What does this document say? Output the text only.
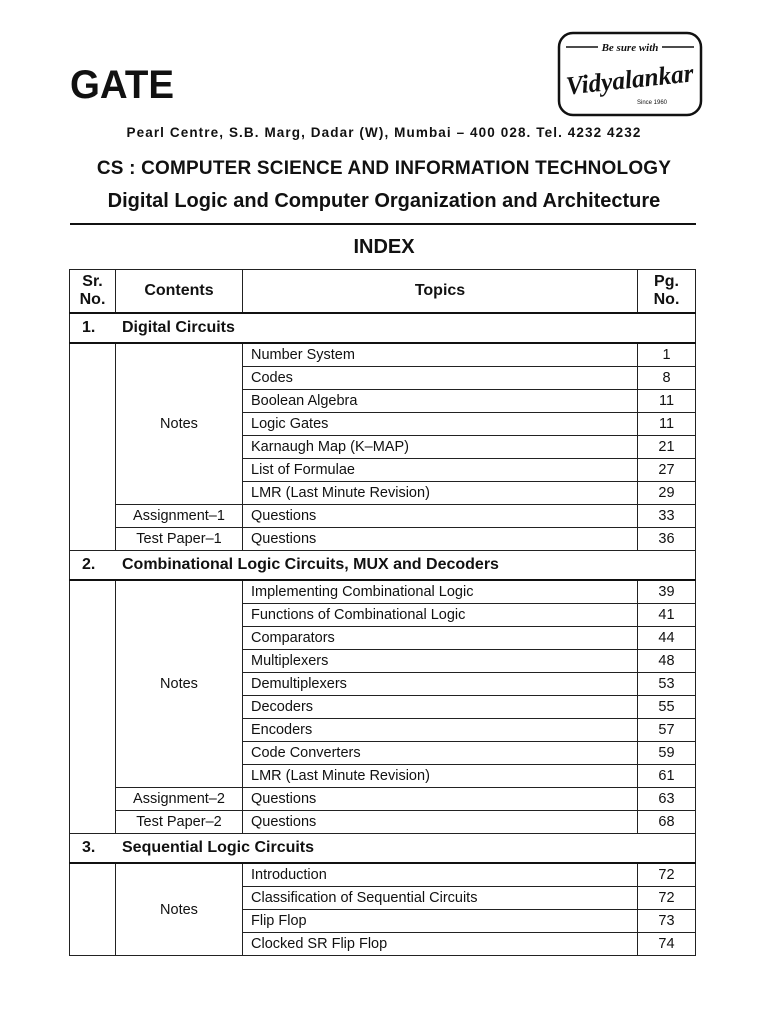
GATE
Be sure with
Vidyalankar
Since 1960
Pearl Centre, S.B. Marg, Dadar (W), Mumbai – 400 028. Tel. 4232 4232
CS : COMPUTER SCIENCE AND INFORMATION TECHNOLOGY
Digital Logic and Computer Organization and Architecture
INDEX
Sr.
No.	Contents	Topics	Pg.
No.
1. Digital Circuits			
	Notes	Number System	1
		Codes	8
		Boolean Algebra	11
		Logic Gates	11
		Karnaugh Map (K–MAP)	21
		List of Formulae	27
		LMR (Last Minute Revision)	29
	Assignment–1	Questions	33
	Test Paper–1	Questions	36
2. Combinational Logic Circuits, MUX and Decoders			
	Notes	Implementing Combinational Logic	39
		Functions of Combinational Logic	41
		Comparators	44
		Multiplexers	48
		Demultiplexers	53
		Decoders	55
		Encoders	57
		Code Converters	59
		LMR (Last Minute Revision)	61
	Assignment–2	Questions	63
	Test Paper–2	Questions	68
3. Sequential Logic Circuits			
	Notes	Introduction	72
		Classification of Sequential Circuits	72
		Flip Flop	73
		Clocked SR Flip Flop	74
